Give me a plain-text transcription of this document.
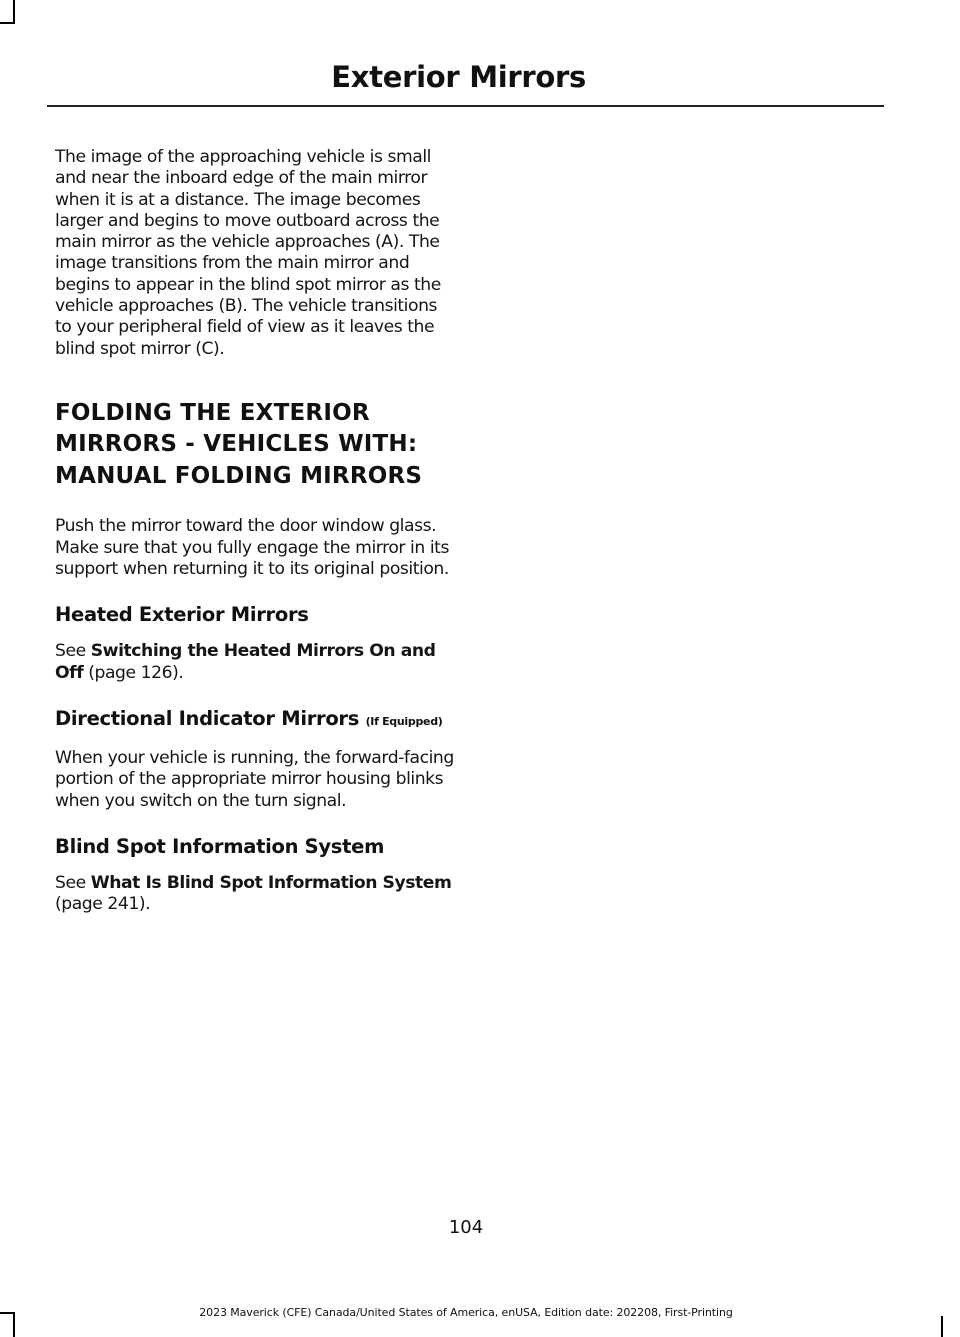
Exterior Mirrors

The image of the approaching vehicle is small and near the inboard edge of the main mirror when it is at a distance. The image becomes larger and begins to move outboard across the main mirror as the vehicle approaches (A). The image transitions from the main mirror and begins to appear in the blind spot mirror as the vehicle approaches (B). The vehicle transitions to your peripheral field of view as it leaves the blind spot mirror (C).

FOLDING THE EXTERIOR
MIRRORS - VEHICLES WITH:
MANUAL FOLDING MIRRORS

Push the mirror toward the door window glass. Make sure that you fully engage the mirror in its support when returning it to its original position.

Heated Exterior Mirrors

See Switching the Heated Mirrors On and Off (page 126).

Directional Indicator Mirrors (If Equipped)

When your vehicle is running, the forward-facing portion of the appropriate mirror housing blinks when you switch on the turn signal.

Blind Spot Information System

See What Is Blind Spot Information System (page 241).

104
2023 Maverick (CFE) Canada/United States of America, enUSA, Edition date: 202208, First-Printing
